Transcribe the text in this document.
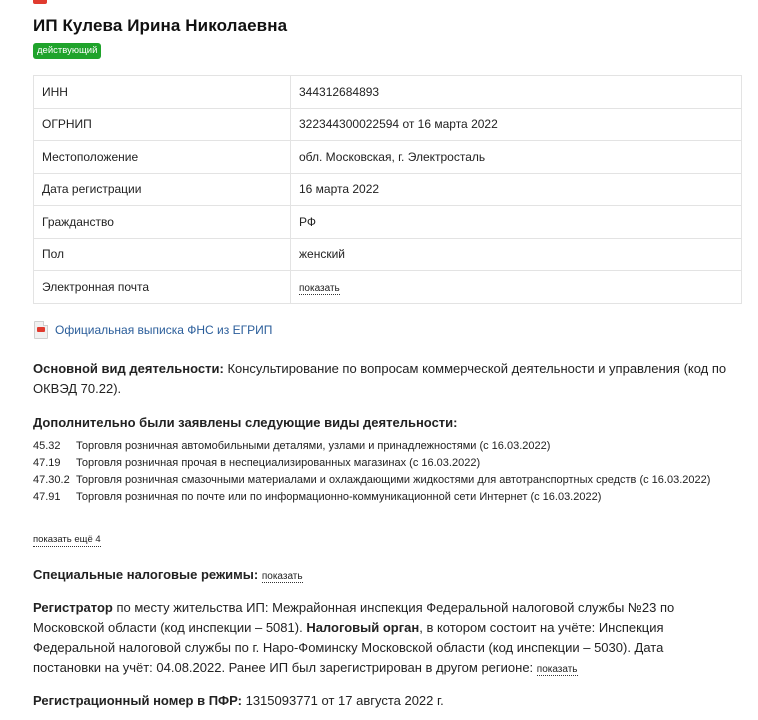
ИП Кулева Ирина Николаевна
действующий
ИНН	344312684893
ОГРНИП	322344300022594 от 16 марта 2022
Местоположение	обл. Московская, г. Электросталь
Дата регистрации	16 марта 2022
Гражданство	РФ
Пол	женский
Электронная почта	показать
Официальная выписка ФНС из ЕГРИП

Основной вид деятельности: Консультирование по вопросам коммерческой деятельности и управления (код по ОКВЭД 70.22).

Дополнительно были заявлены следующие виды деятельности:

45.32	Торговля розничная автомобильными деталями, узлами и принадлежностями (с 16.03.2022)
47.19	Торговля розничная прочая в неспециализированных магазинах (с 16.03.2022)
47.30.2 Торговля розничная смазочными материалами и охлаждающими жидкостями для автотранспортных средств (с 16.03.2022)
47.91	Торговля розничная по почте или по информационно-коммуникационной сети Интернет (с 16.03.2022)
показать ещё 4

Специальные налоговые режимы: показать

Регистратор по месту жительства ИП: Межрайонная инспекция Федеральной налоговой службы №23 по Московской области (код инспекции – 5081). Налоговый орган, в котором состоит на учёте: Инспекция Федеральной налоговой службы по г. Наро-Фоминску Московской области (код инспекции – 5030). Дата постановки на учёт: 04.08.2022. Ранее ИП был зарегистрирован в другом регионе: показать

Регистрационный номер в ПФР: 1315093771 от 17 августа 2022 г.
